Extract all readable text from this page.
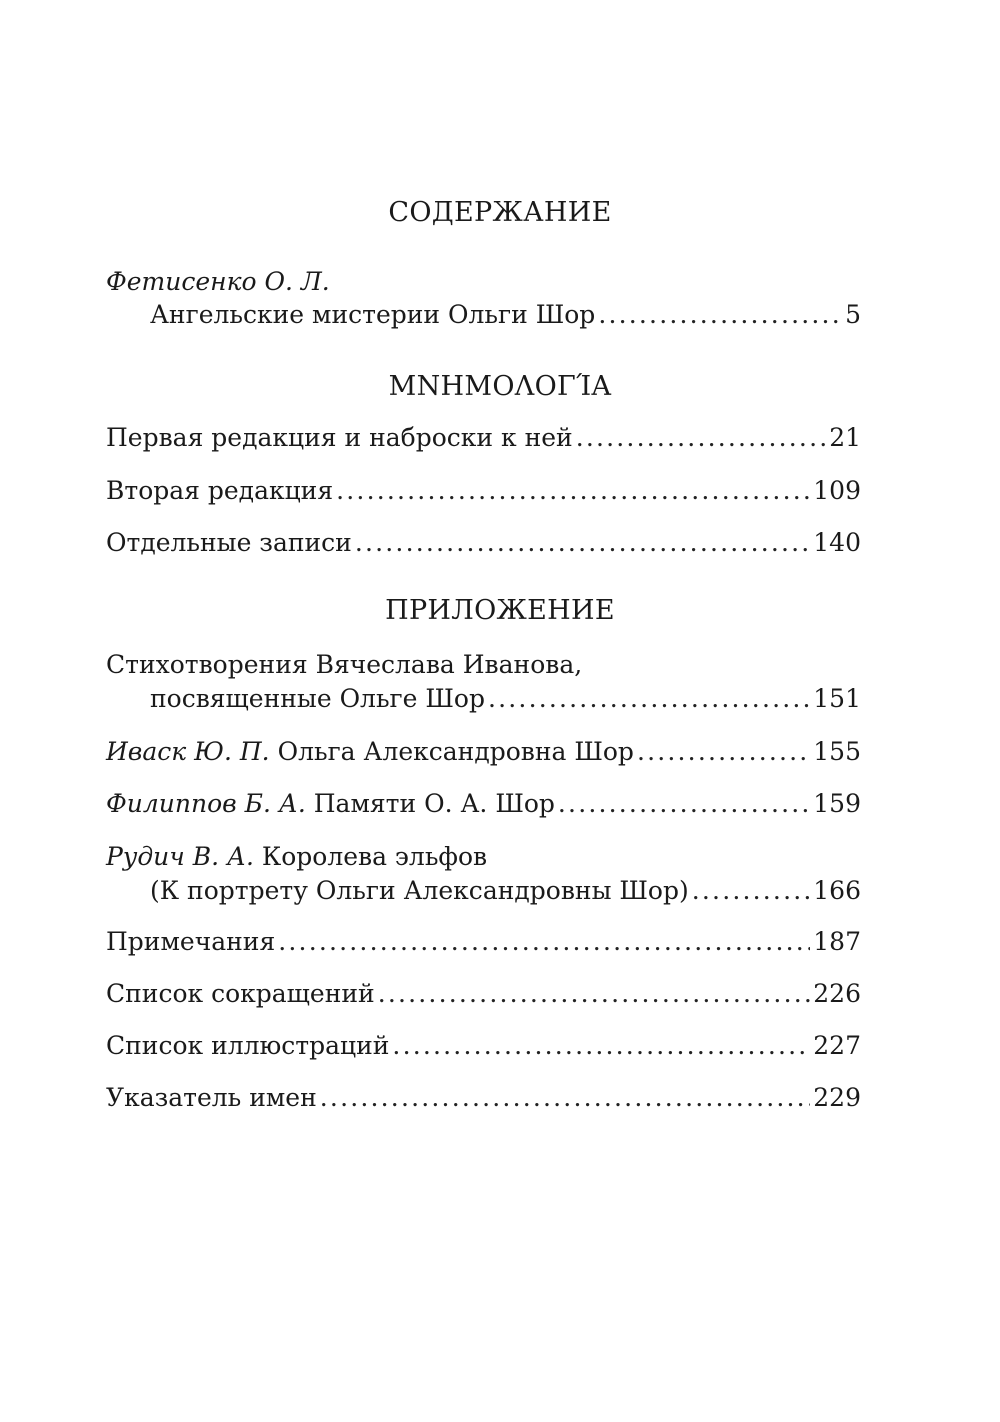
СОДЕРЖАНИЕ
Фетисенко О. Л.
Ангельские мистерии Ольги Шор .....	5
ΜΝΗΜΟΛΟΓΊΑ
Первая редакция и наброски к ней .....	21
Вторая редакция .....	109
Отдельные записи .....	140
ПРИЛОЖЕНИЕ
Стихотворения Вячеслава Иванова,
посвященные Ольге Шор .....	151
Иваск Ю. П.
Ольга Александровна Шор .....	155
Филиппов Б. А.
Памяти О. А. Шор .....	159
Рудич В. А.
Королева эльфов
(К портрету Ольги Александровны Шор) .....	166
Примечания .....	187
Список сокращений .....	226
Список иллюстраций .....	227
Указатель имен .....	229
